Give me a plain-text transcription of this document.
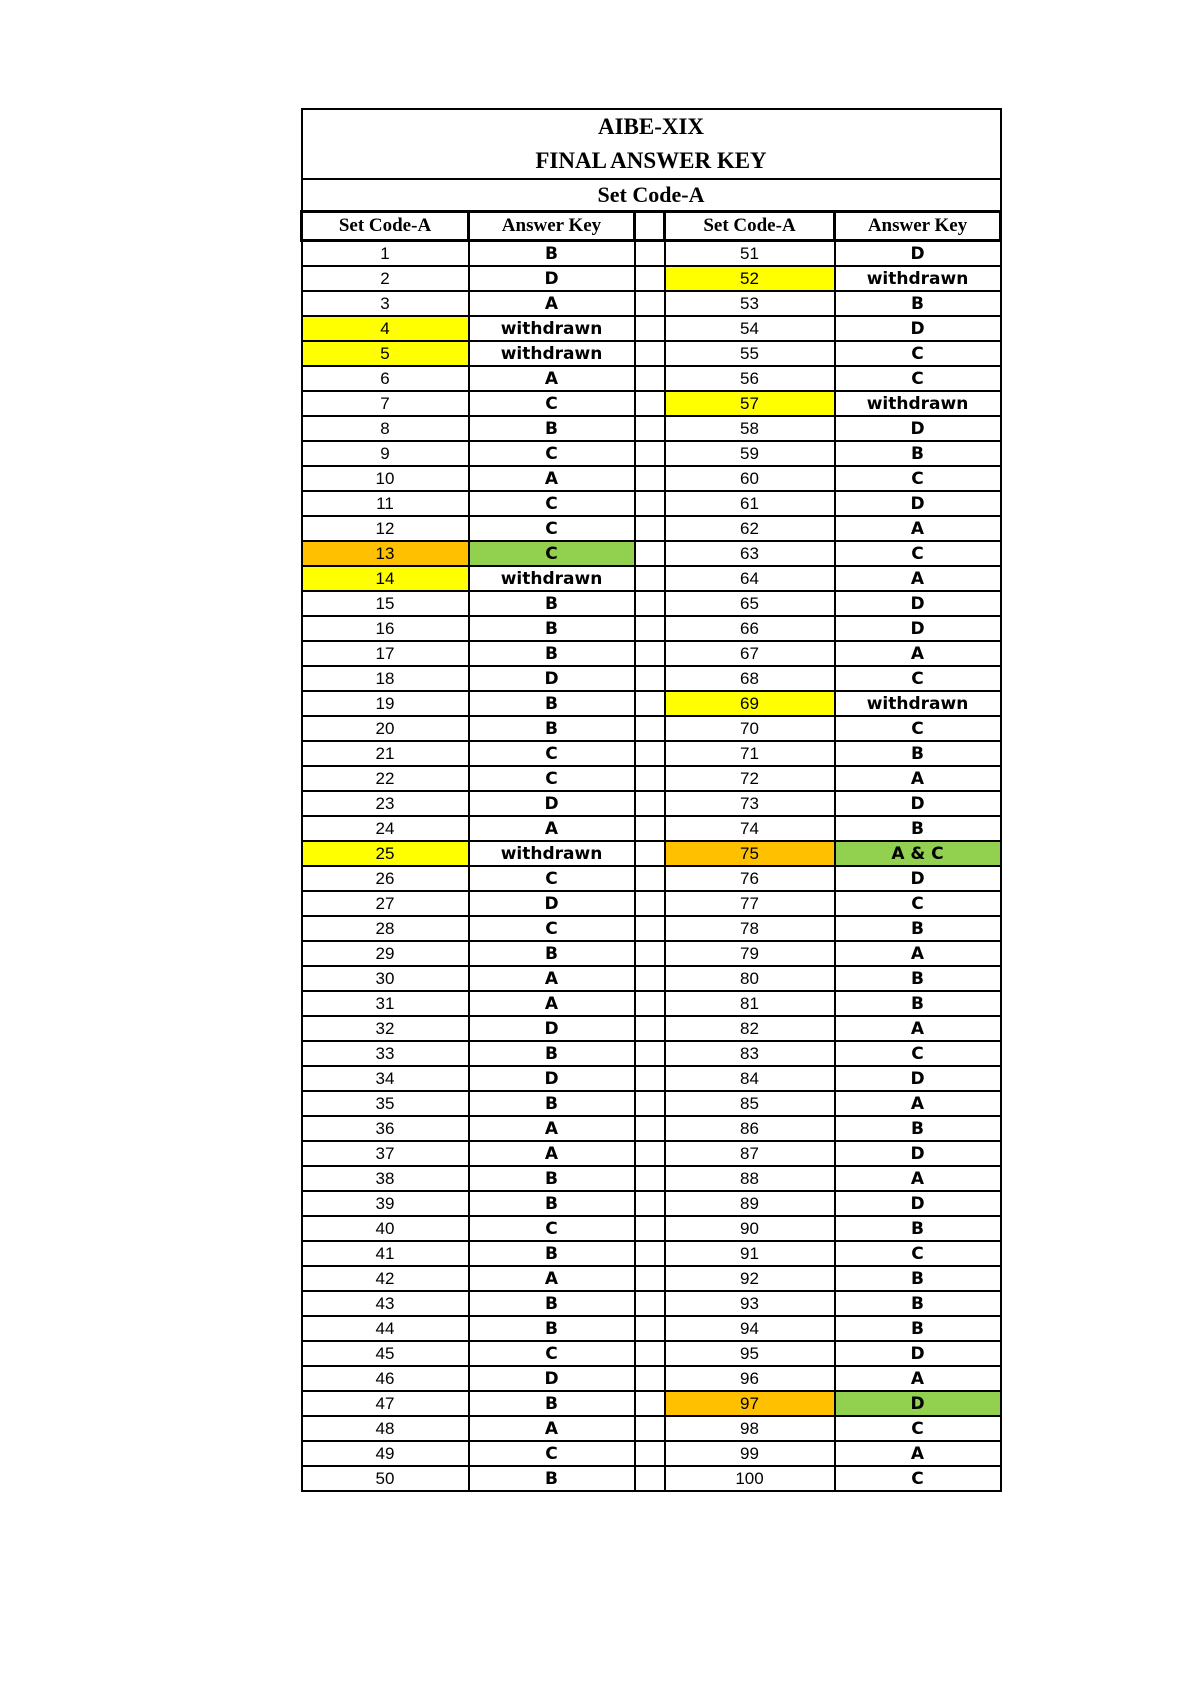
AIBE-XIX				
FINAL ANSWER KEY				
Set Code-A				
Set Code-A	Answer Key		Set Code-A	Answer Key
1	B		51	D
2	D		52	withdrawn
3	A		53	B
4	withdrawn		54	D
5	withdrawn		55	C
6	A		56	C
7	C		57	withdrawn
8	B		58	D
9	C		59	B
10	A		60	C
11	C		61	D
12	C		62	A
13	C		63	C
14	withdrawn		64	A
15	B		65	D
16	B		66	D
17	B		67	A
18	D		68	C
19	B		69	withdrawn
20	B		70	C
21	C		71	B
22	C		72	A
23	D		73	D
24	A		74	B
25	withdrawn		75	A & C
26	C		76	D
27	D		77	C
28	C		78	B
29	B		79	A
30	A		80	B
31	A		81	B
32	D		82	A
33	B		83	C
34	D		84	D
35	B		85	A
36	A		86	B
37	A		87	D
38	B		88	A
39	B		89	D
40	C		90	B
41	B		91	C
42	A		92	B
43	B		93	B
44	B		94	B
45	C		95	D
46	D		96	A
47	B		97	D
48	A		98	C
49	C		99	A
50	B		100	C
